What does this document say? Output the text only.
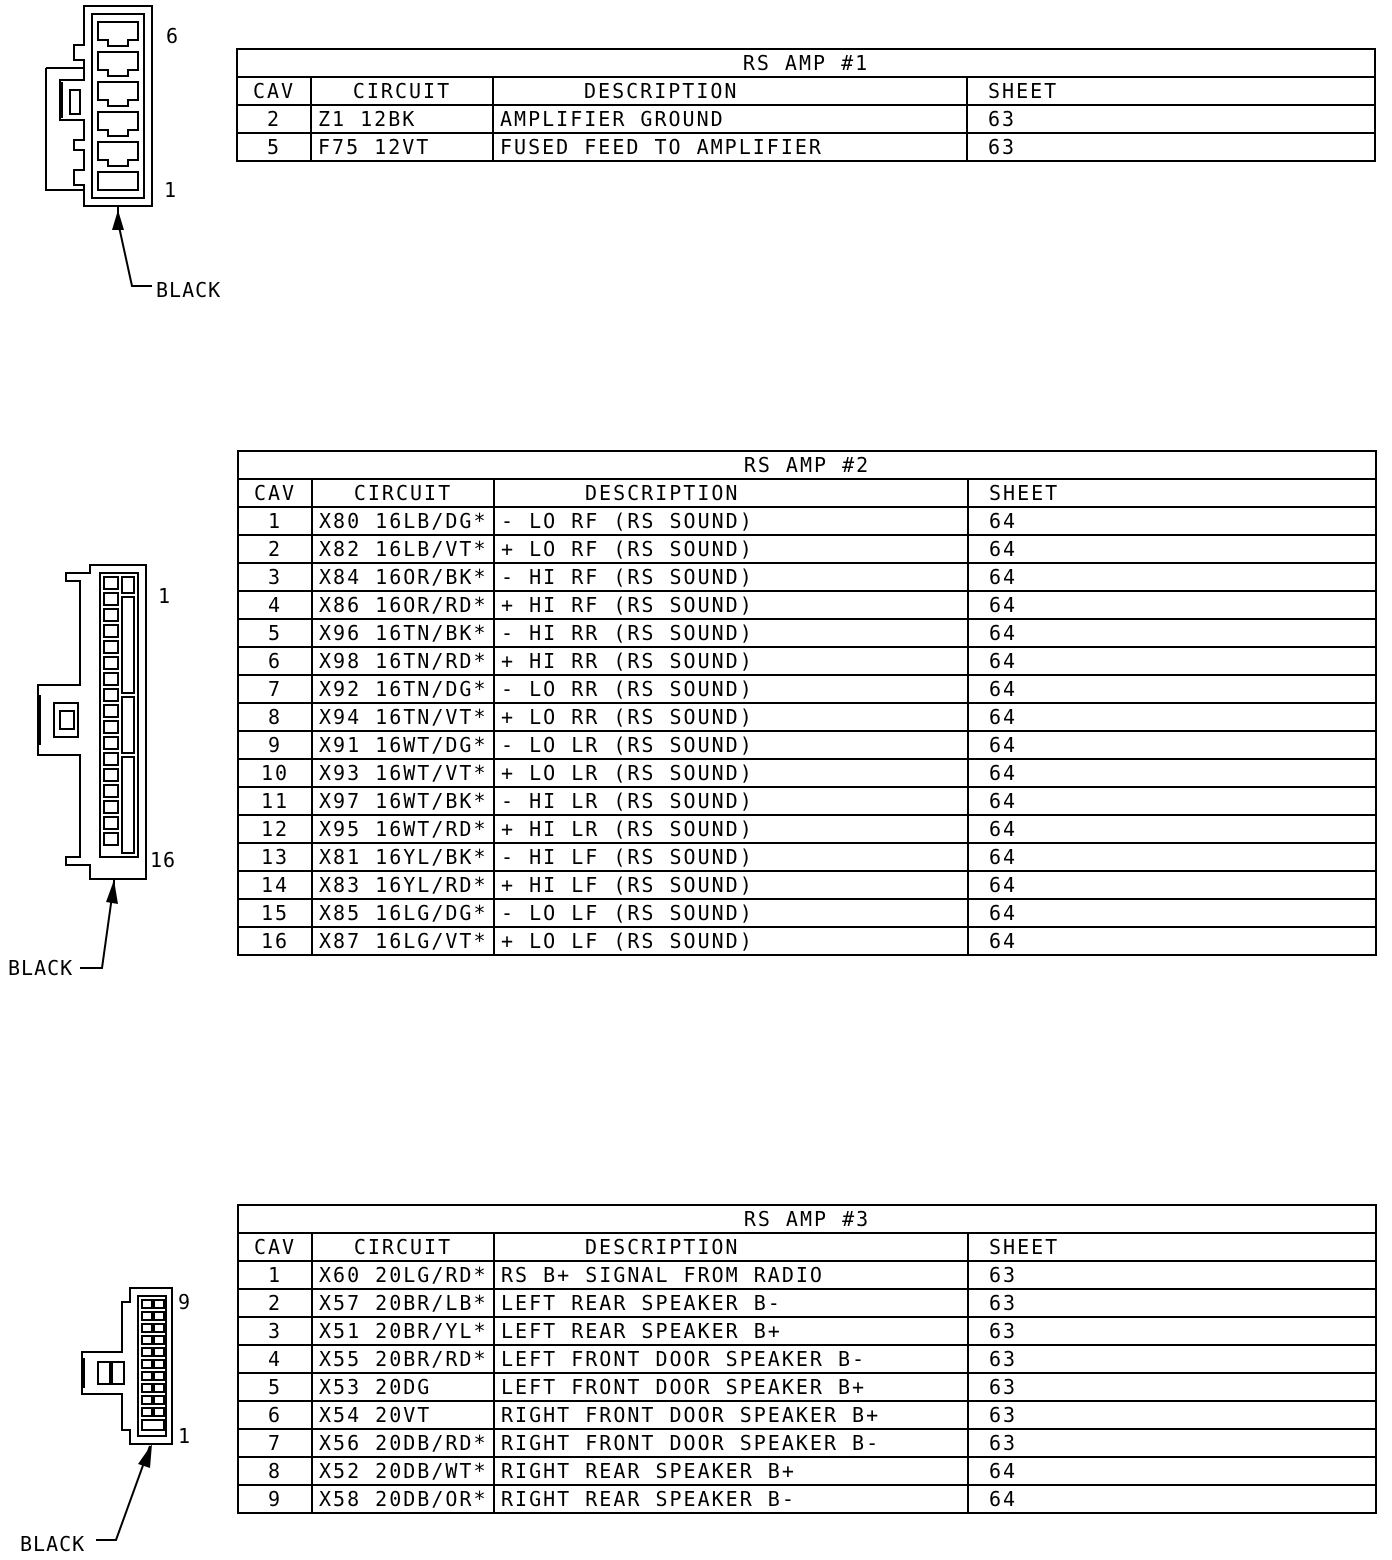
6
1
BLACK
RS AMP #1			
CAV	CIRCUIT	DESCRIPTION	SHEET
2	Z1 12BK	AMPLIFIER GROUND	63
5	F75 12VT	FUSED FEED TO AMPLIFIER	63
1
16
BLACK
RS AMP #2			
CAV	CIRCUIT	DESCRIPTION	SHEET
1	X80 16LB/DG*	- LO RF (RS SOUND)	64
2	X82 16LB/VT*	+ LO RF (RS SOUND)	64
3	X84 16OR/BK*	- HI RF (RS SOUND)	64
4	X86 16OR/RD*	+ HI RF (RS SOUND)	64
5	X96 16TN/BK*	- HI RR (RS SOUND)	64
6	X98 16TN/RD*	+ HI RR (RS SOUND)	64
7	X92 16TN/DG*	- LO RR (RS SOUND)	64
8	X94 16TN/VT*	+ LO RR (RS SOUND)	64
9	X91 16WT/DG*	- LO LR (RS SOUND)	64
10	X93 16WT/VT*	+ LO LR (RS SOUND)	64
11	X97 16WT/BK*	- HI LR (RS SOUND)	64
12	X95 16WT/RD*	+ HI LR (RS SOUND)	64
13	X81 16YL/BK*	- HI LF (RS SOUND)	64
14	X83 16YL/RD*	+ HI LF (RS SOUND)	64
15	X85 16LG/DG*	- LO LF (RS SOUND)	64
16	X87 16LG/VT*	+ LO LF (RS SOUND)	64
9
1
BLACK
RS AMP #3			
CAV	CIRCUIT	DESCRIPTION	SHEET
1	X60 20LG/RD*	RS B+ SIGNAL FROM RADIO	63
2	X57 20BR/LB*	LEFT REAR SPEAKER B-	63
3	X51 20BR/YL*	LEFT REAR SPEAKER B+	63
4	X55 20BR/RD*	LEFT FRONT DOOR SPEAKER B-	63
5	X53 20DG	LEFT FRONT DOOR SPEAKER B+	63
6	X54 20VT	RIGHT FRONT DOOR SPEAKER B+	63
7	X56 20DB/RD*	RIGHT FRONT DOOR SPEAKER B-	63
8	X52 20DB/WT*	RIGHT REAR SPEAKER B+	64
9	X58 20DB/OR*	RIGHT REAR SPEAKER B-	64
